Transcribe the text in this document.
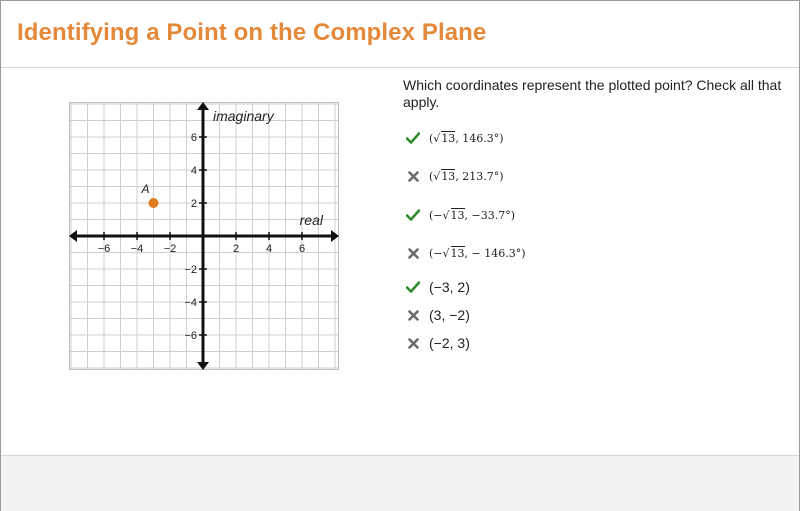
Identifying a Point on the Complex Plane
−6 −4 −2	2 4 6
6
4
2
−2
−4
−6
imaginary
real
A

Which coordinates represent the plotted point? Check all that apply.

(√13, 146.3°)
(√13, 213.7°)
(−√13, −33.7°)
(−√13, − 146.3°)
(−3, 2)
(3, −2)
(−2, 3)
